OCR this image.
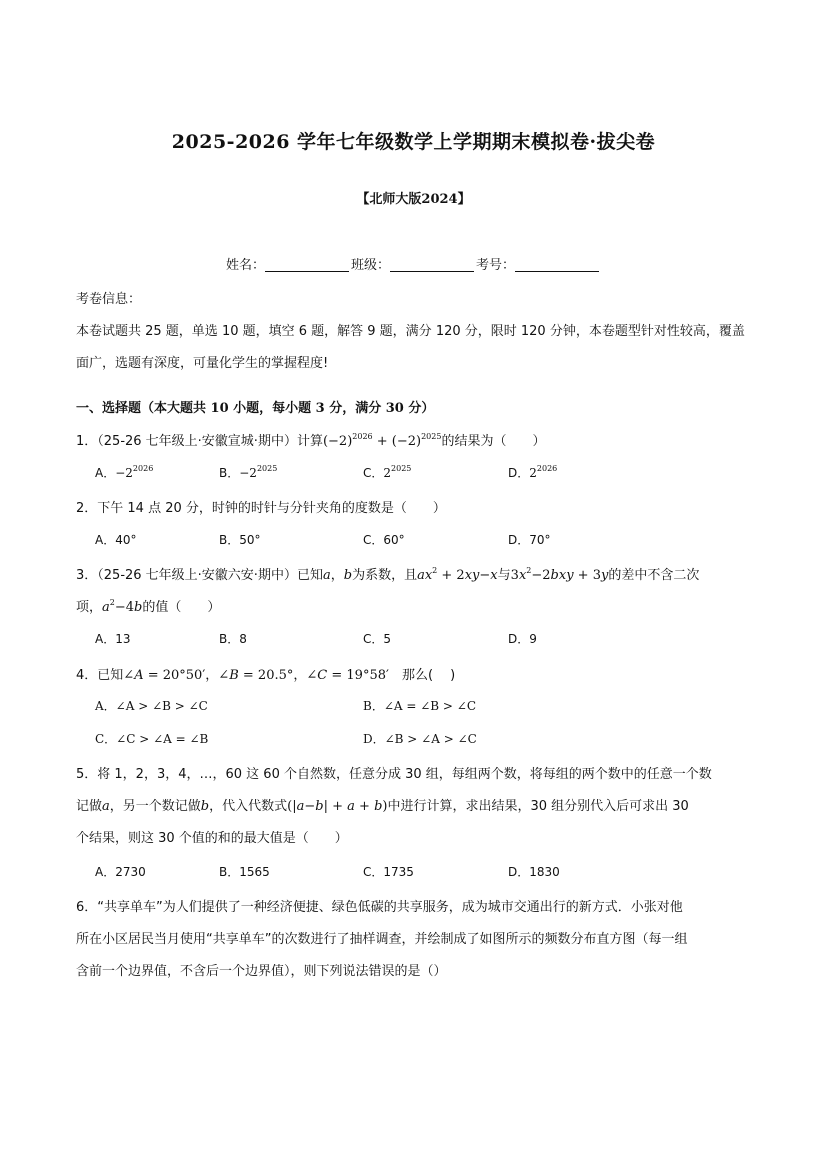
2025-2026 学年七年级数学上学期期末模拟卷·拔尖卷
【北师大版2024】
姓名：	班级：	考号：
考卷信息：
本卷试题共 25 题，单选 10 题，填空 6 题，解答 9 题，满分 120 分，限时 120 分钟，本卷题型针对性较高，覆盖
面广，选题有深度，可量化学生的掌握程度!
一、选择题（本大题共 10 小题，每小题 3 分，满分 30 分）
1．（25-26 七年级上·安徽宣城·期中）计算$(-2)^{2026} + (-2)^{2025}$的结果为（　　）
A．$-2^{2026}$	B．$-2^{2025}$	C．$2^{2025}$	D．$2^{2026}$
2．下午 14 点 20 分，时钟的时针与分针夹角的度数是（　　）
A．40°	B．50°	C．60°	D．70°
3．（25-26 七年级上·安徽六安·期中）已知a，b为系数，且$ax^2 + 2xy-x$与$3x^2-2bxy + 3y$的差中不含二次
项，$a^2-4b$的值（　　）
A．13	B．8	C．5	D．9
4．已知∠A = 20°50′，∠B = 20.5°，∠C = 19°58′　那么(　 )
A．∠A > ∠B > ∠C	B．∠A = ∠B > ∠C
C．∠C > ∠A = ∠B	D．∠B > ∠A > ∠C
5．将 1，2，3，4，…，60 这 60 个自然数，任意分成 30 组，每组两个数，将每组的两个数中的任意一个数
记做a，另一个数记做b，代入代数式(|a−b| + a + b)中进行计算，求出结果，30 组分别代入后可求出 30
个结果，则这 30 个值的和的最大值是（　　）
A．2730	B．1565	C．1735	D．1830
6．“共享单车”为人们提供了一种经济便捷、绿色低碳的共享服务，成为城市交通出行的新方式．小张对他
所在小区居民当月使用“共享单车”的次数进行了抽样调查，并绘制成了如图所示的频数分布直方图（每一组
含前一个边界值，不含后一个边界值），则下列说法错误的是（）
